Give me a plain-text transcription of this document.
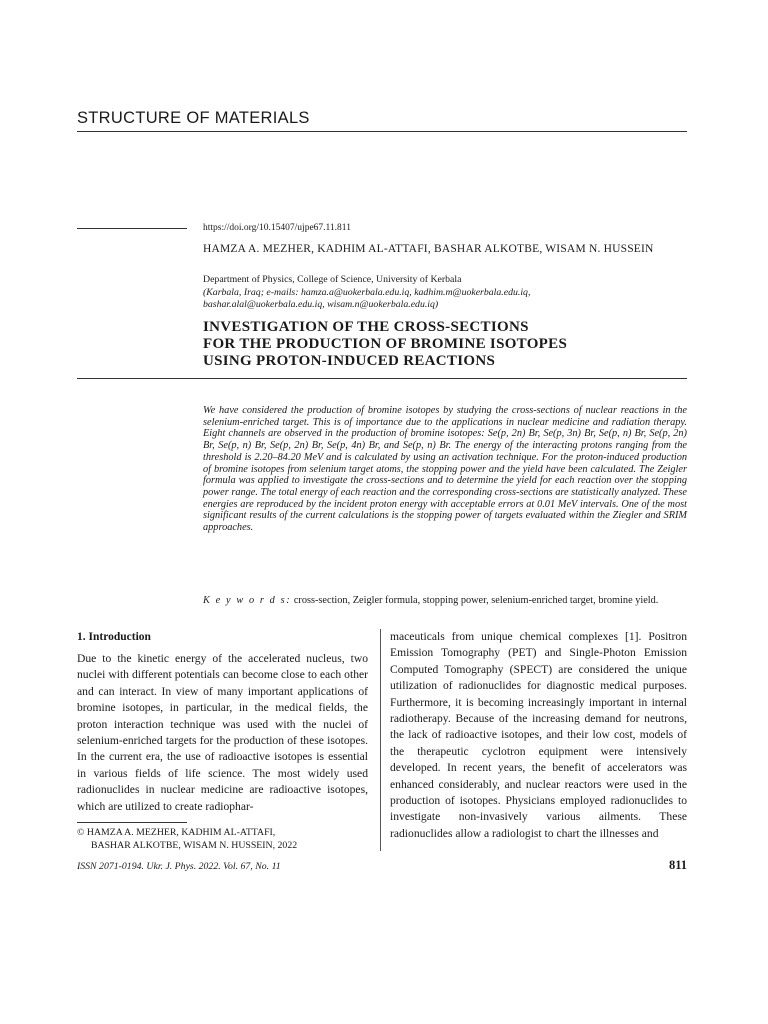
STRUCTURE OF MATERIALS
https://doi.org/10.15407/ujpe67.11.811
HAMZA A. MEZHER, KADHIM AL-ATTAFI, BASHAR ALKOTBE, WISAM N. HUSSEIN
Department of Physics, College of Science, University of Kerbala
(Karbala, Iraq; e-mails: hamza.a@uokerbala.edu.iq, kadhim.m@uokerbala.edu.iq,
bashar.alal@uokerbala.edu.iq, wisam.n@uokerbala.edu.iq)
INVESTIGATION OF THE CROSS-SECTIONS
FOR THE PRODUCTION OF BROMINE ISOTOPES
USING PROTON-INDUCED REACTIONS
We have considered the production of bromine isotopes by studying the cross-sections of nuclear reactions in the selenium-enriched target. This is of importance due to the applications in nuclear medicine and radiation therapy. Eight channels are observed in the production of bromine isotopes: Se(p, 2n) Br, Se(p, 3n) Br, Se(p, n) Br, Se(p, 2n) Br, Se(p, n) Br, Se(p, 2n) Br, Se(p, 4n) Br, and Se(p, n) Br. The energy of the interacting protons ranging from the threshold is 2.20–84.20 MeV and is calculated by using an activation technique. For the proton-induced production of bromine isotopes from selenium target atoms, the stopping power and the yield have been calculated. The Zeigler formula was applied to investigate the cross-sections and to determine the yield for each reaction over the stopping power range. The total energy of each reaction and the corresponding cross-sections are statistically analyzed. These energies are reproduced by the incident proton energy with acceptable errors at 0.01 MeV intervals. One of the most significant results of the current calculations is the stopping power of targets evaluated within the Ziegler and SRIM approaches.
K e y w o r d s: cross-section, Zeigler formula, stopping power, selenium-enriched target, bromine yield.
1. Introduction
Due to the kinetic energy of the accelerated nucleus, two nuclei with different potentials can become close to each other and can interact. In view of many important applications of bromine isotopes, in particular, in the medical fields, the proton interaction technique was used with the nuclei of selenium-enriched targets for the production of these isotopes. In the current era, the use of radioactive isotopes is essential in various fields of life science. The most widely used radionuclides in nuclear medicine are radioactive isotopes, which are utilized to create radiophar-
maceuticals from unique chemical complexes [1]. Positron Emission Tomography (PET) and Single-Photon Emission Computed Tomography (SPECT) are considered the unique utilization of radionuclides for diagnostic medical purposes. Furthermore, it is becoming increasingly important in internal radiotherapy. Because of the increasing demand for neutrons, the lack of radioactive isotopes, and their low cost, models of the therapeutic cyclotron equipment were intensively developed. In recent years, the benefit of accelerators was enhanced considerably, and nuclear reactors were used in the production of isotopes. Physicians employed radionuclides to investigate non-invasively various ailments. These radionuclides allow a radiologist to chart the illnesses and
© HAMZA A. MEZHER, KADHIM AL-ATTAFI,
BASHAR ALKOTBE, WISAM N. HUSSEIN, 2022
ISSN 2071-0194. Ukr. J. Phys. 2022. Vol. 67, No. 11	811
